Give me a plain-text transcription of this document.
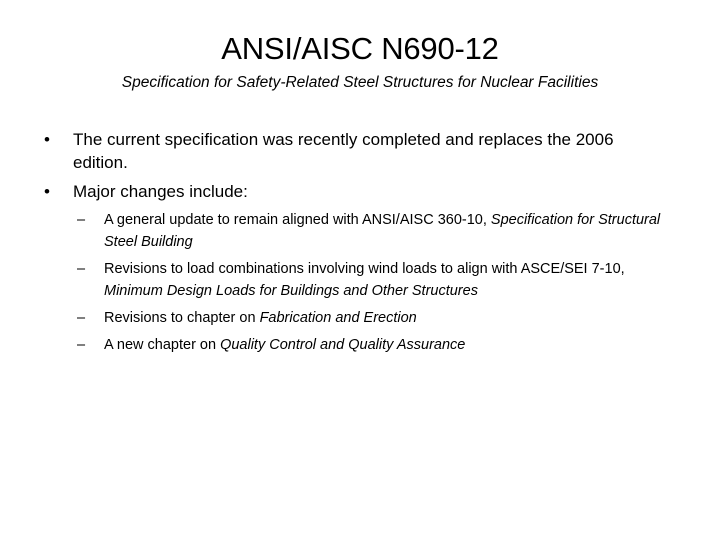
ANSI/AISC N690-12
Specification for Safety-Related Steel Structures for Nuclear Facilities
•	The current specification was recently completed and replaces the 2006 edition.
•	Major changes include:
–	A general update to remain aligned with ANSI/AISC 360-10, Specification for Structural Steel Building
–	Revisions to load combinations involving wind loads to align with ASCE/SEI 7-10, Minimum Design Loads for Buildings and Other Structures
–	Revisions to chapter on Fabrication and Erection
–	A new chapter on Quality Control and Quality Assurance
